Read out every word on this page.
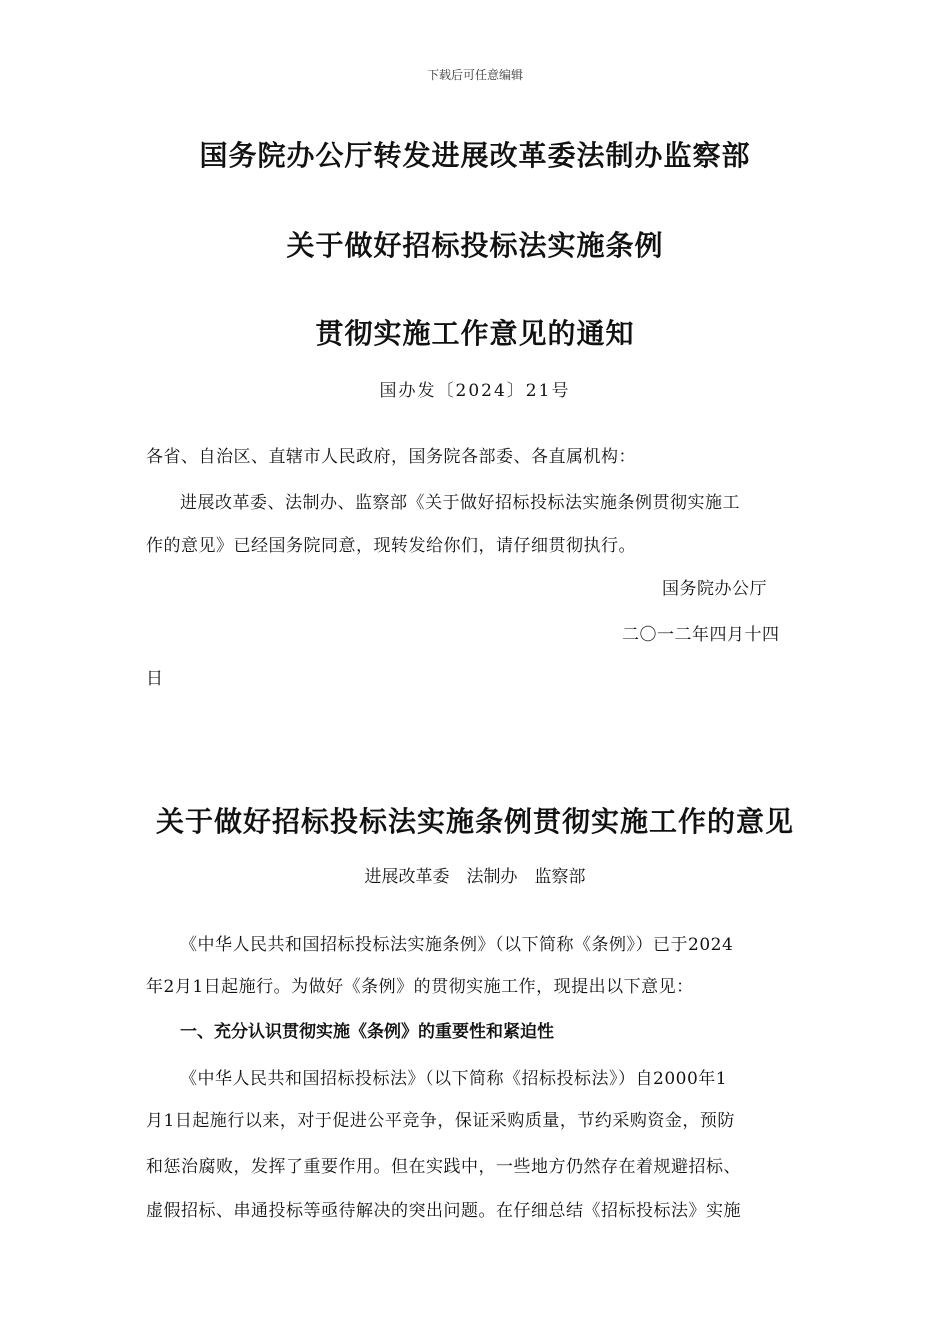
下载后可任意编辑
国务院办公厅转发进展改革委法制办监察部
关于做好招标投标法实施条例
贯彻实施工作意见的通知
国办发〔2024〕21号
各省、自治区、直辖市人民政府，国务院各部委、各直属机构：
进展改革委、法制办、监察部《关于做好招标投标法实施条例贯彻实施工
作的意见》已经国务院同意，现转发给你们，请仔细贯彻执行。
国务院办公厅
二〇一二年四月十四
日
关于做好招标投标法实施条例贯彻实施工作的意见
进展改革委　法制办　监察部
《中华人民共和国招标投标法实施条例》（以下简称《条例》）已于2024
年2月1日起施行。为做好《条例》的贯彻实施工作，现提出以下意见：
一、充分认识贯彻实施《条例》的重要性和紧迫性
《中华人民共和国招标投标法》（以下简称《招标投标法》）自2000年1
月1日起施行以来，对于促进公平竞争，保证采购质量，节约采购资金，预防
和惩治腐败，发挥了重要作用。但在实践中，一些地方仍然存在着规避招标、
虚假招标、串通投标等亟待解决的突出问题。在仔细总结《招标投标法》实施
